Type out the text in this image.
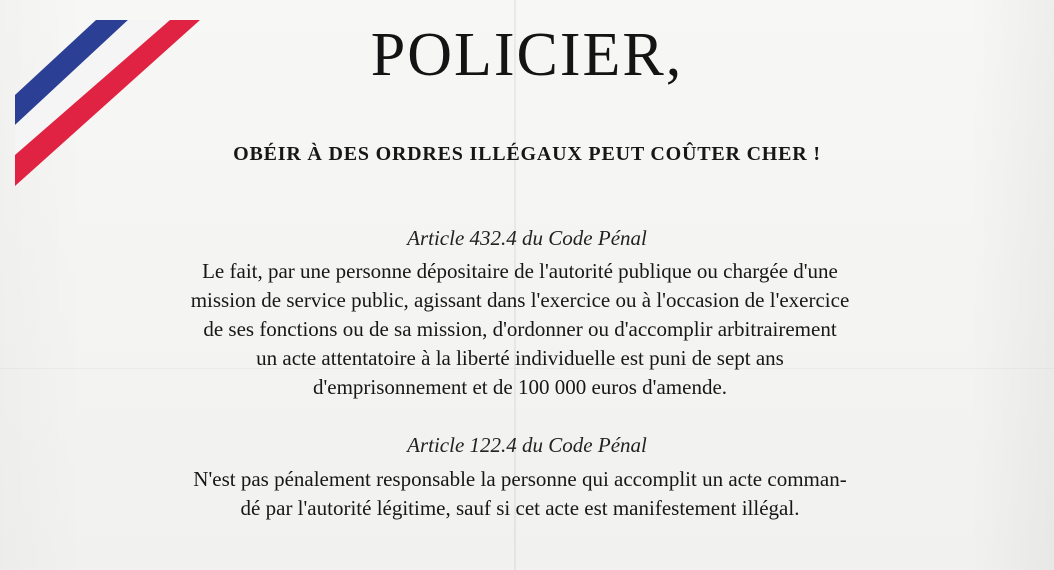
POLICIER,
OBÉIR À DES ORDRES ILLÉGAUX PEUT COÛTER CHER !
Article 432.4 du Code Pénal
Le fait, par une personne dépositaire de l'autorité publique ou chargée d'une
mission de service public, agissant dans l'exercice ou à l'occasion de l'exercice
de ses fonctions ou de sa mission, d'ordonner ou d'accomplir arbitrairement
un acte attentatoire à la liberté individuelle est puni de sept ans
d'emprisonnement et de 100 000 euros d'amende.
Article 122.4 du Code Pénal
N'est pas pénalement responsable la personne qui accomplit un acte comman-
dé par l'autorité légitime, sauf si cet acte est manifestement illégal.
